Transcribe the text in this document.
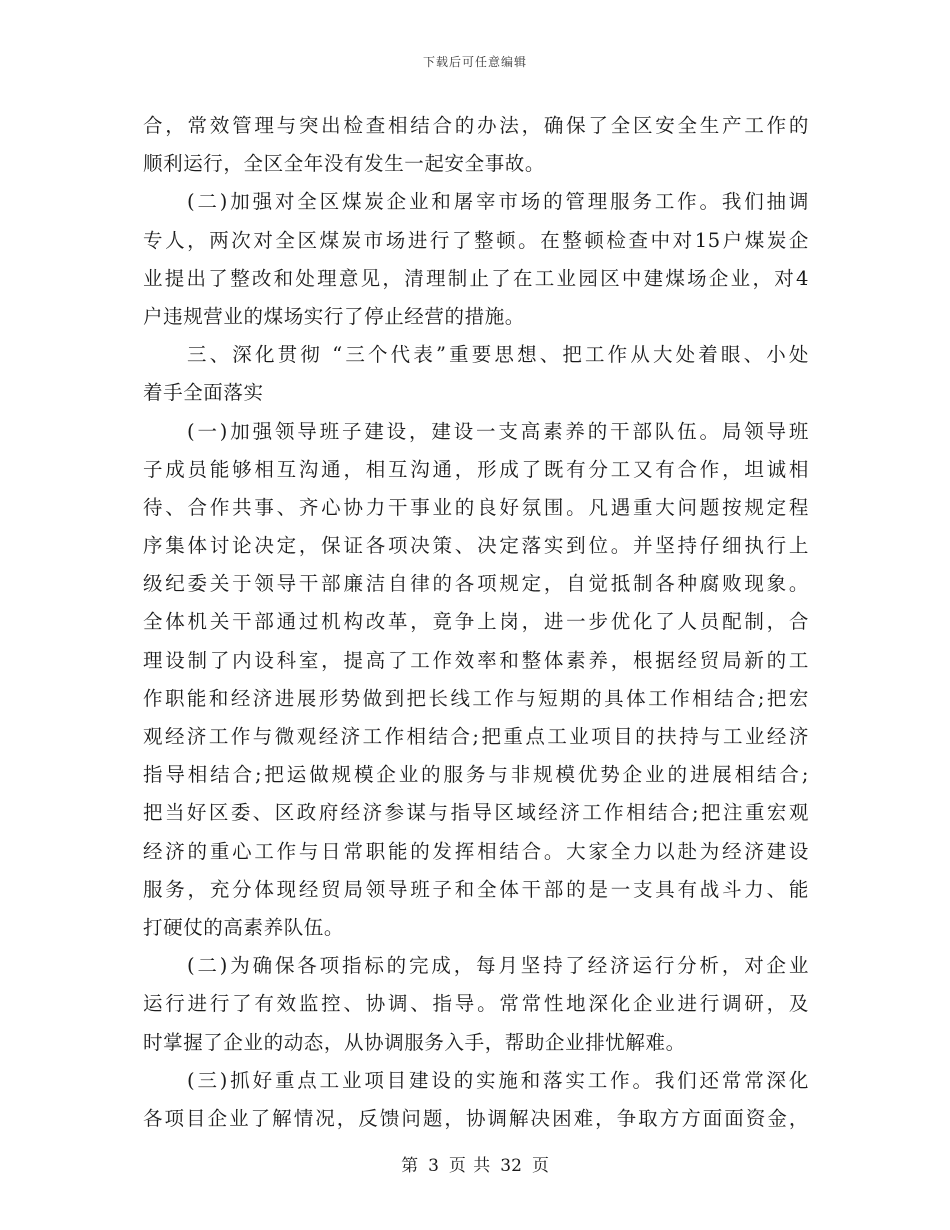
下载后可任意编辑
合，常效管理与突出检查相结合的办法，确保了全区安全生产工作的
顺利运行，全区全年没有发生一起安全事故。
(二)加强对全区煤炭企业和屠宰市场的管理服务工作。我们抽调
专人，两次对全区煤炭市场进行了整顿。在整顿检查中对15户煤炭企
业提出了整改和处理意见，清理制止了在工业园区中建煤场企业，对4
户违规营业的煤场实行了停止经营的措施。
三、深化贯彻 “三个代表”重要思想、把工作从大处着眼、小处
着手全面落实
(一)加强领导班子建设，建设一支高素养的干部队伍。局领导班
子成员能够相互沟通，相互沟通，形成了既有分工又有合作，坦诚相
待、合作共事、齐心协力干事业的良好氛围。凡遇重大问题按规定程
序集体讨论决定，保证各项决策、决定落实到位。并坚持仔细执行上
级纪委关于领导干部廉洁自律的各项规定，自觉抵制各种腐败现象。
全体机关干部通过机构改革，竟争上岗，进一步优化了人员配制，合
理设制了内设科室，提高了工作效率和整体素养，根据经贸局新的工
作职能和经济进展形势做到把长线工作与短期的具体工作相结合;把宏
观经济工作与微观经济工作相结合;把重点工业项目的扶持与工业经济
指导相结合;把运做规模企业的服务与非规模优势企业的进展相结合;
把当好区委、区政府经济参谋与指导区域经济工作相结合;把注重宏观
经济的重心工作与日常职能的发挥相结合。大家全力以赴为经济建设
服务，充分体现经贸局领导班子和全体干部的是一支具有战斗力、能
打硬仗的高素养队伍。
(二)为确保各项指标的完成，每月坚持了经济运行分析，对企业
运行进行了有效监控、协调、指导。常常性地深化企业进行调研，及
时掌握了企业的动态，从协调服务入手，帮助企业排忧解难。
(三)抓好重点工业项目建设的实施和落实工作。我们还常常深化
各项目企业了解情况，反馈问题，协调解决困难，争取方方面面资金，
第 3 页 共 32 页
